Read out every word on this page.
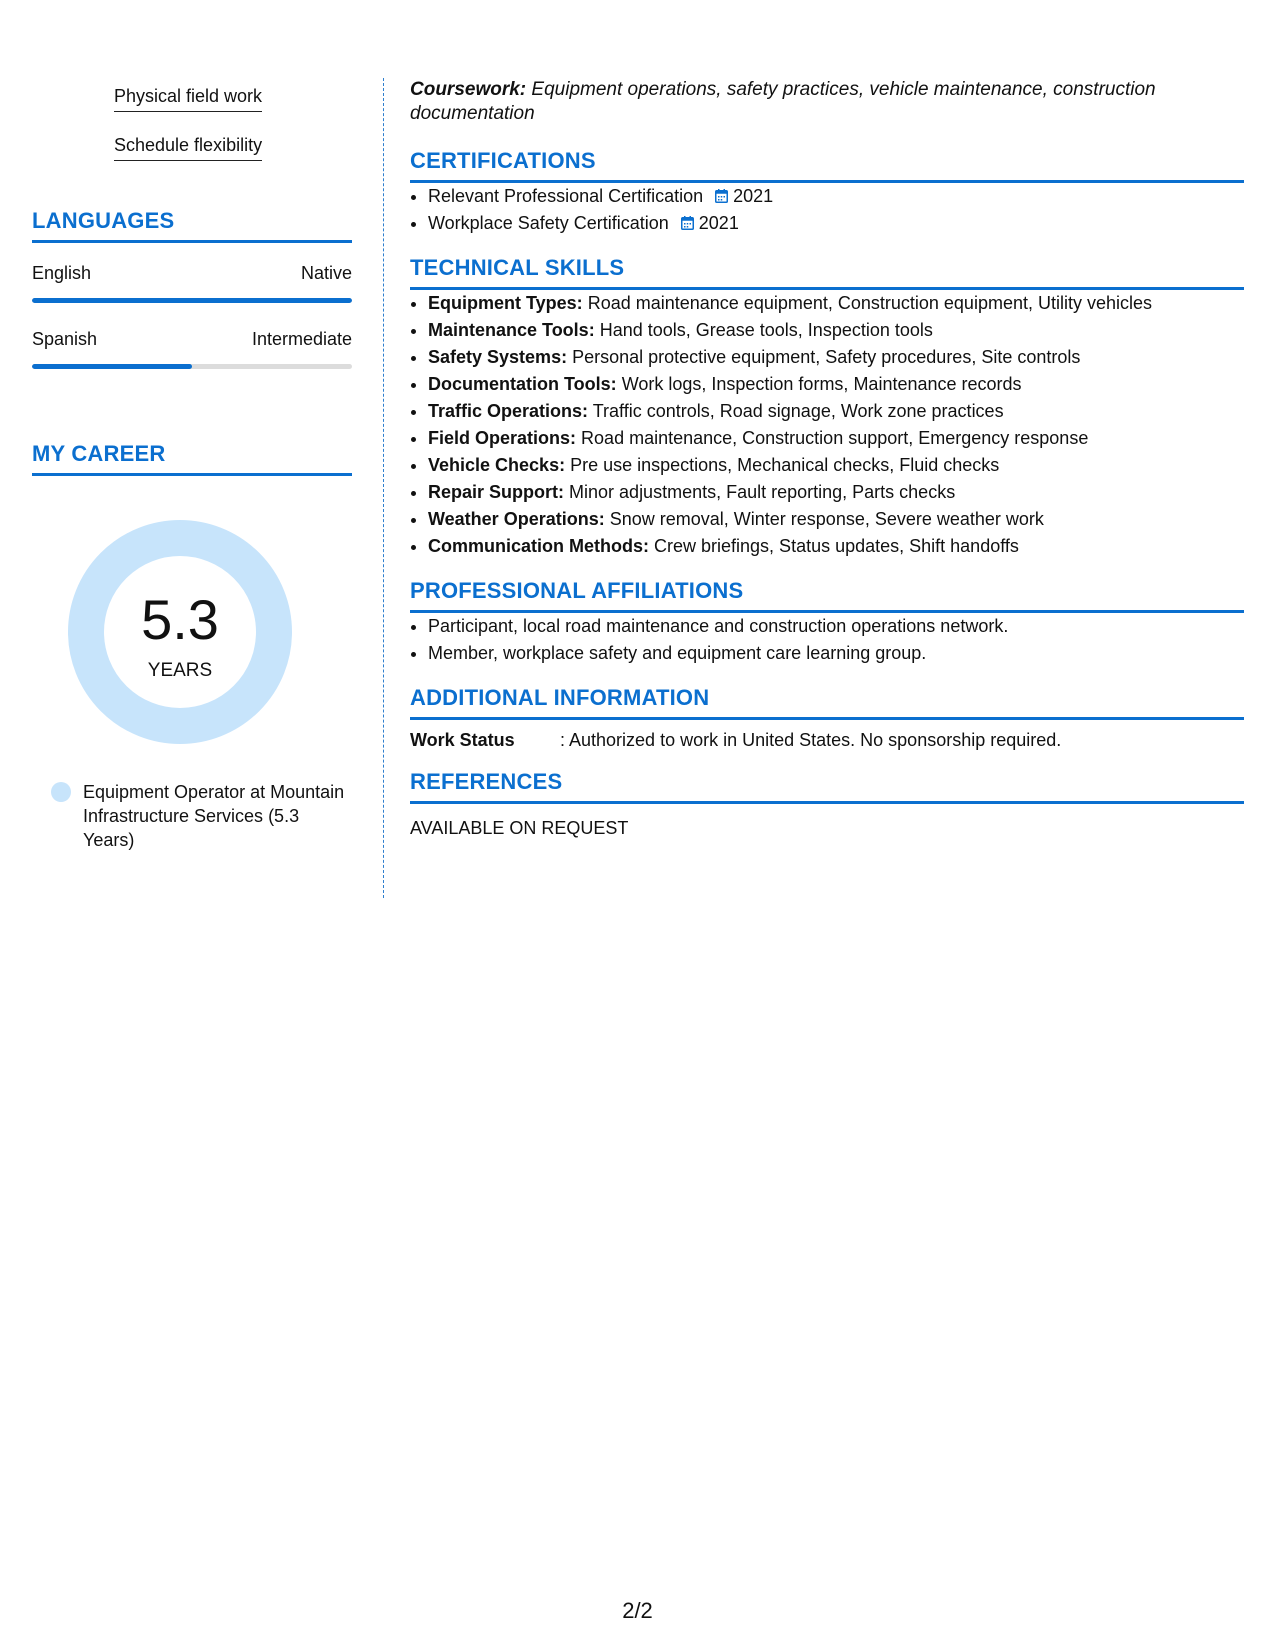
Physical field work
Schedule flexibility
LANGUAGES
English	Native
Spanish	Intermediate
MY CAREER
5.3
YEARS
Equipment Operator at Mountain Infrastructure Services (5.3 Years)
Coursework: Equipment operations, safety practices, vehicle maintenance, construction documentation
CERTIFICATIONS
• Relevant Professional Certification 2021
• Workplace Safety Certification 2021
TECHNICAL SKILLS
• Equipment Types: Road maintenance equipment, Construction equipment, Utility vehicles
• Maintenance Tools: Hand tools, Grease tools, Inspection tools
• Safety Systems: Personal protective equipment, Safety procedures, Site controls
• Documentation Tools: Work logs, Inspection forms, Maintenance records
• Traffic Operations: Traffic controls, Road signage, Work zone practices
• Field Operations: Road maintenance, Construction support, Emergency response
• Vehicle Checks: Pre use inspections, Mechanical checks, Fluid checks
• Repair Support: Minor adjustments, Fault reporting, Parts checks
• Weather Operations: Snow removal, Winter response, Severe weather work
• Communication Methods: Crew briefings, Status updates, Shift handoffs
PROFESSIONAL AFFILIATIONS
• Participant, local road maintenance and construction operations network.
• Member, workplace safety and equipment care learning group.
ADDITIONAL INFORMATION
Work Status	: Authorized to work in United States. No sponsorship required.
REFERENCES
AVAILABLE ON REQUEST
2/2
